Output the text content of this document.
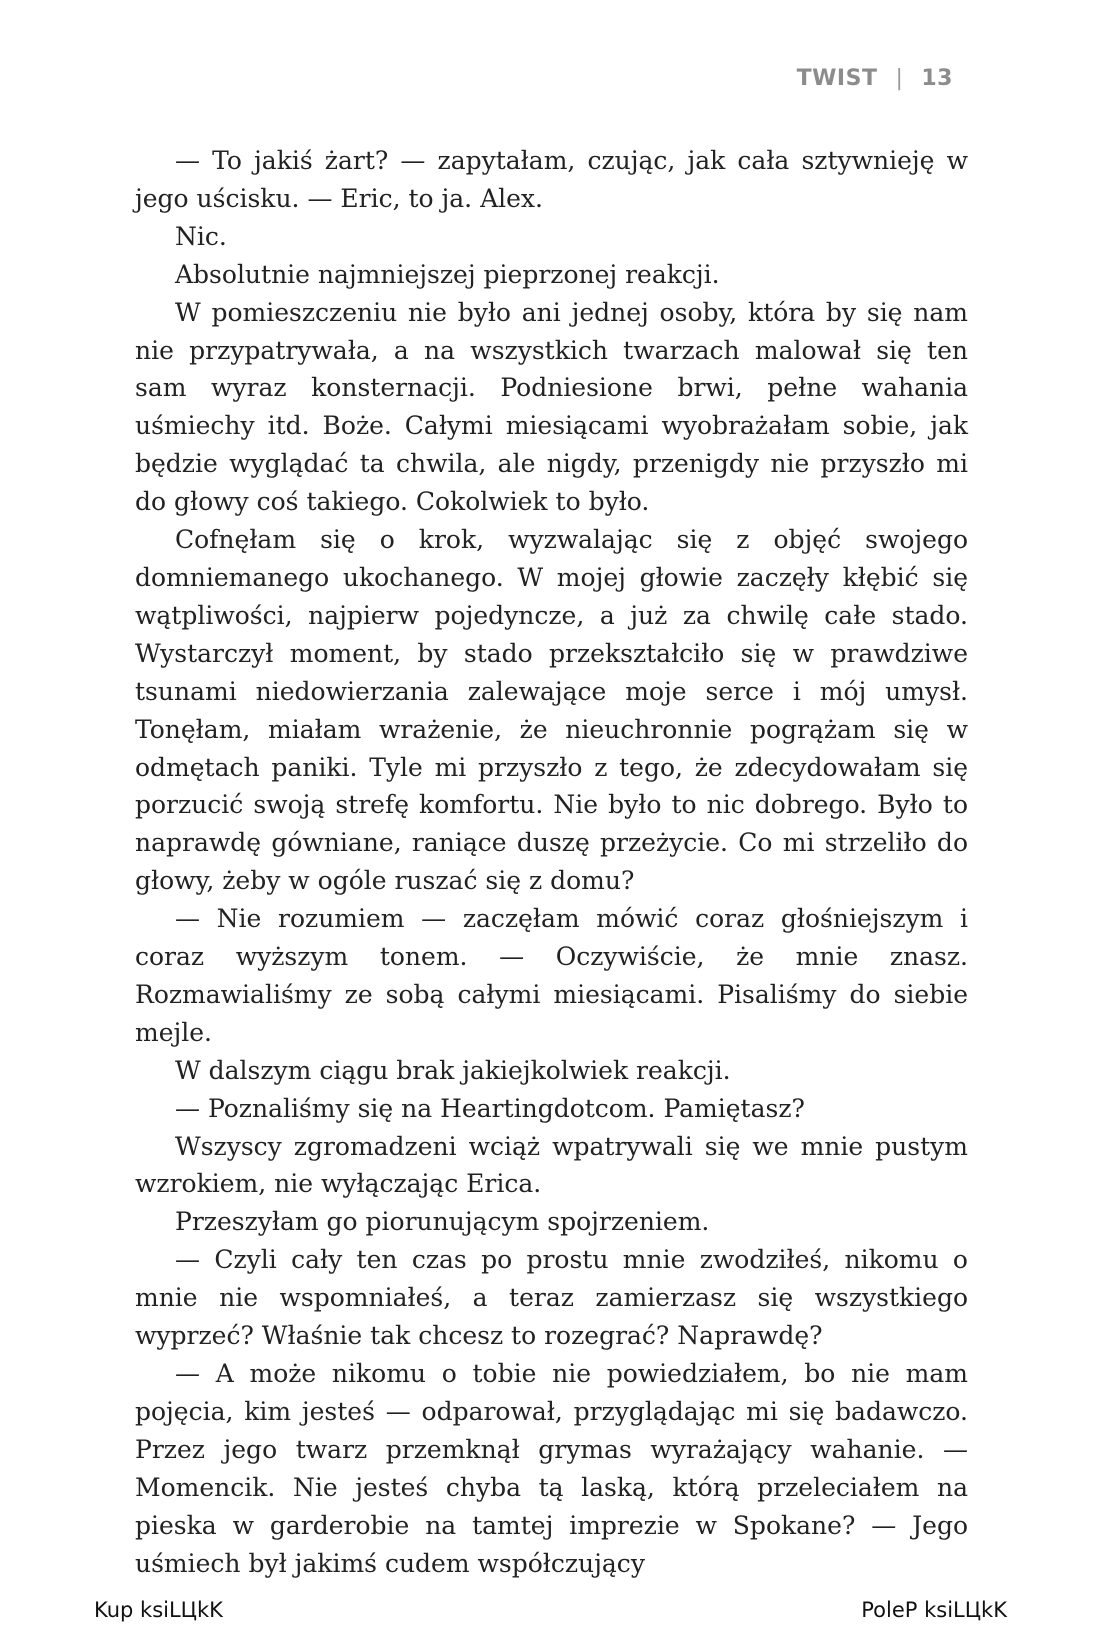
TWIST | 13

— To jakiś żart? — zapytałam, czując, jak cała sztywnieję w jego uścisku. — Eric, to ja. Alex.

Nic.

Absolutnie najmniejszej pieprzonej reakcji.

W pomieszczeniu nie było ani jednej osoby, która by się nam nie przypatrywała, a na wszystkich twarzach malował się ten sam wyraz konsternacji. Podniesione brwi, pełne wahania uśmiechy itd. Boże. Całymi miesiącami wyobrażałam sobie, jak będzie wyglądać ta chwila, ale nigdy, przenigdy nie przyszło mi do głowy coś takiego. Cokolwiek to było.

Cofnęłam się o krok, wyzwalając się z objęć swojego domniemanego ukochanego. W mojej głowie zaczęły kłębić się wątpliwości, najpierw pojedyncze, a już za chwilę całe stado. Wystarczył moment, by stado przekształciło się w prawdziwe tsunami niedowierzania zalewające moje serce i mój umysł. Tonęłam, miałam wrażenie, że nieuchronnie pogrążam się w odmętach paniki. Tyle mi przyszło z tego, że zdecydowałam się porzucić swoją strefę komfortu. Nie było to nic dobrego. Było to naprawdę gówniane, raniące duszę przeżycie. Co mi strzeliło do głowy, żeby w ogóle ruszać się z domu?

— Nie rozumiem — zaczęłam mówić coraz głośniejszym i coraz wyższym tonem. — Oczywiście, że mnie znasz. Rozmawialiśmy ze sobą całymi miesiącami. Pisaliśmy do siebie mejle.

W dalszym ciągu brak jakiejkolwiek reakcji.

— Poznaliśmy się na Heartingdotcom. Pamiętasz?

Wszyscy zgromadzeni wciąż wpatrywali się we mnie pustym wzrokiem, nie wyłączając Erica.

Przeszyłam go piorunującym spojrzeniem.

— Czyli cały ten czas po prostu mnie zwodziłeś, nikomu o mnie nie wspomniałeś, a teraz zamierzasz się wszystkiego wyprzeć? Właśnie tak chcesz to rozegrać? Naprawdę?

— A może nikomu o tobie nie powiedziałem, bo nie mam pojęcia, kim jesteś — odparował, przyglądając mi się badawczo. Przez jego twarz przemknął grymas wyrażający wahanie. — Momencik. Nie jesteś chyba tą laską, którą przeleciałem na pieska w garderobie na tamtej imprezie w Spokane? — Jego uśmiech był jakimś cudem współczujący

Kup ksiLЦkK	PoleP ksiLЦkK
